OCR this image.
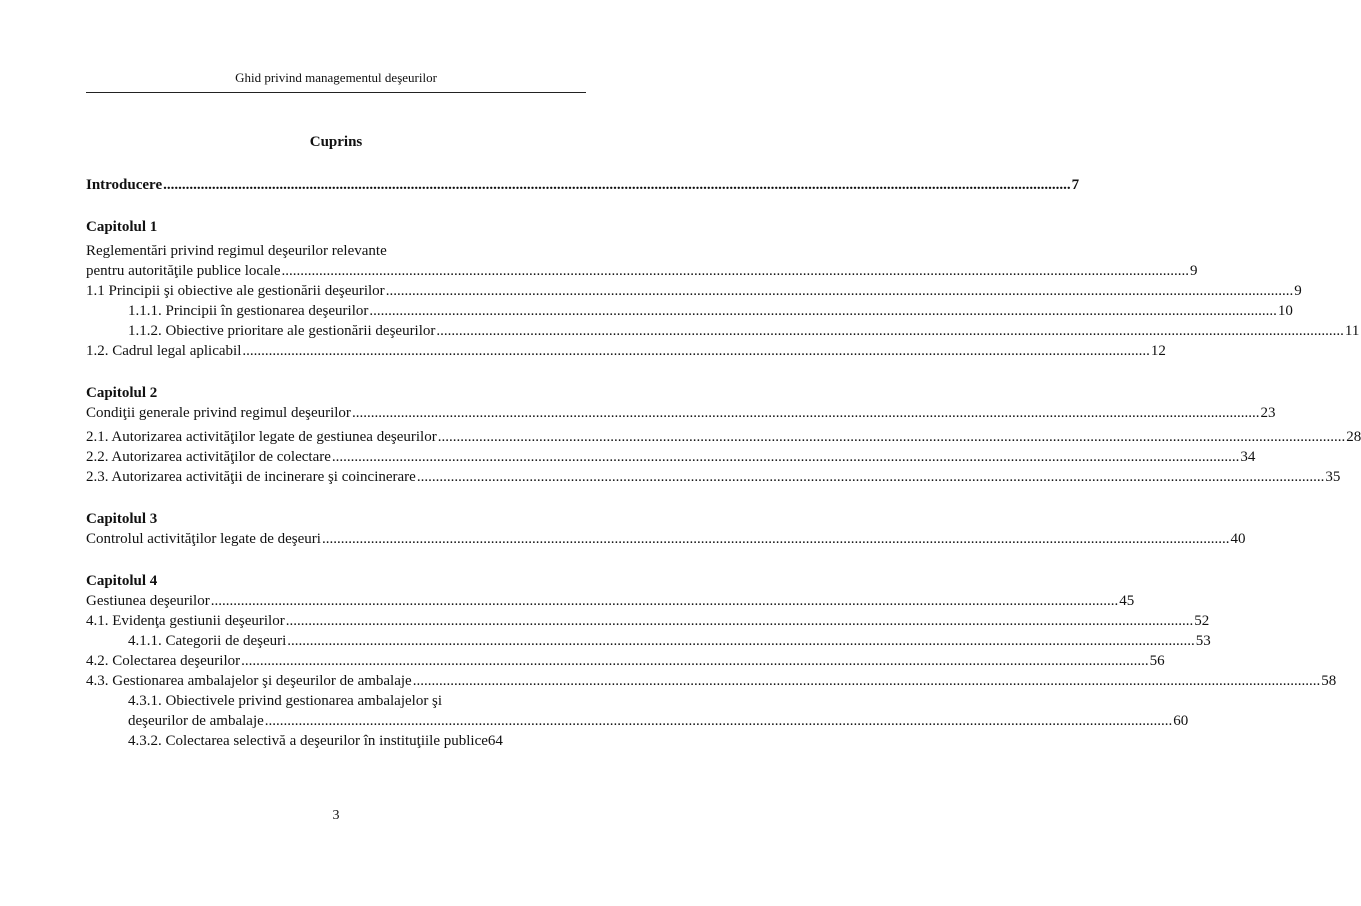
Ghid privind managementul deşeurilor
Cuprins
Introducere .................................................................................................................................................................................................................................................. 7
Capitolul 1
Reglementări privind regimul deşeurilor relevante
pentru autorităţile publice locale .................................................................................................................................................................................................................................................. 9
1.1 Principii şi obiective ale gestionării deşeurilor .................................................................................................................................................................................................................................................. 9
1.1.1. Principii în gestionarea deşeurilor .................................................................................................................................................................................................................................................. 10
1.1.2. Obiective prioritare ale gestionării deşeurilor .................................................................................................................................................................................................................................................. 11
1.2. Cadrul legal aplicabil .................................................................................................................................................................................................................................................. 12
Capitolul 2
Condiţii generale privind regimul deşeurilor .................................................................................................................................................................................................................................................. 23
2.1. Autorizarea activităţilor legate de gestiunea deşeurilor .................................................................................................................................................................................................................................................. 28
2.2. Autorizarea activităţilor de colectare .................................................................................................................................................................................................................................................. 34
2.3. Autorizarea activităţii de incinerare şi coincinerare .................................................................................................................................................................................................................................................. 35
Capitolul 3
Controlul activităţilor legate de deşeuri .................................................................................................................................................................................................................................................. 40
Capitolul 4
Gestiunea deşeurilor .................................................................................................................................................................................................................................................. 45
4.1. Evidenţa gestiunii deşeurilor .................................................................................................................................................................................................................................................. 52
4.1.1. Categorii de deşeuri .................................................................................................................................................................................................................................................. 53
4.2. Colectarea deşeurilor .................................................................................................................................................................................................................................................. 56
4.3. Gestionarea ambalajelor şi deşeurilor de ambalaje .................................................................................................................................................................................................................................................. 58
4.3.1. Obiectivele privind gestionarea ambalajelor şi
deşeurilor de ambalaje .................................................................................................................................................................................................................................................. 60
4.3.2. Colectarea selectivă a deşeurilor în instituţiile publice 64
3
